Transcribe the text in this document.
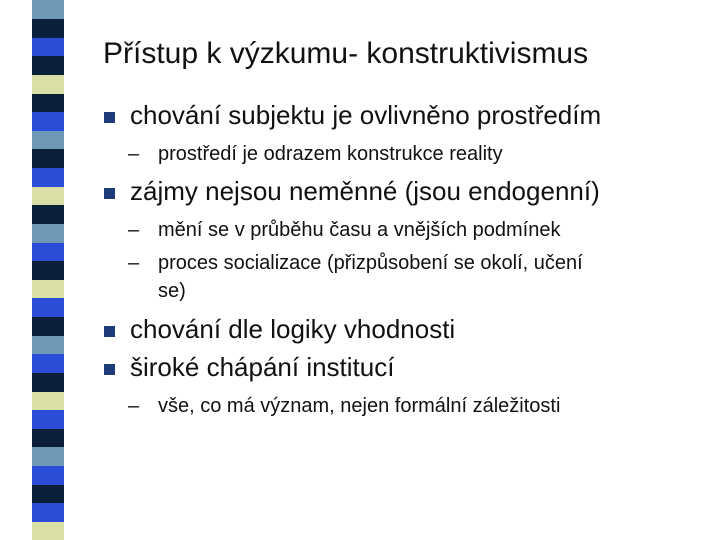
Přístup k výzkumu- konstruktivismus
chování subjektu je ovlivněno prostředím
– prostředí je odrazem konstrukce reality
zájmy nejsou neměnné (jsou endogenní)
– mění se v průběhu času a vnějších podmínek
– proces socializace (přizpůsobení se okolí, učení
se)
chování dle logiky vhodnosti
široké chápání institucí
– vše, co má význam, nejen formální záležitosti
